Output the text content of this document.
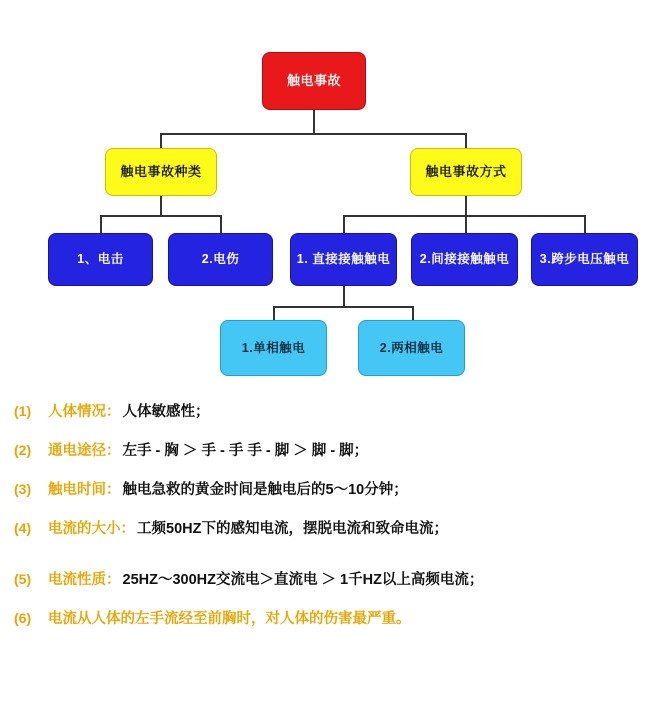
触电事故
触电事故种类	触电事故方式
1、电击	2.电伤	1. 直接接触触电 2.间接接触触电 3.跨步电压触电
1.单相触电	2.两相触电
(1)	人体情况： 人体敏感性；
(2)	通电途径： 左手 - 胸 ＞ 手 - 手 手 - 脚 ＞ 脚 - 脚；
(3)	触电时间： 触电急救的黄金时间是触电后的5～10分钟；
(4)	电流的大小： 工频50HZ下的感知电流，摆脱电流和致命电流；
(5)	电流性质： 25HZ～300HZ交流电＞直流电 ＞ 1千HZ以上高频电流；
(6)	电流从人体的左手流经至前胸时，对人体的伤害最严重。
